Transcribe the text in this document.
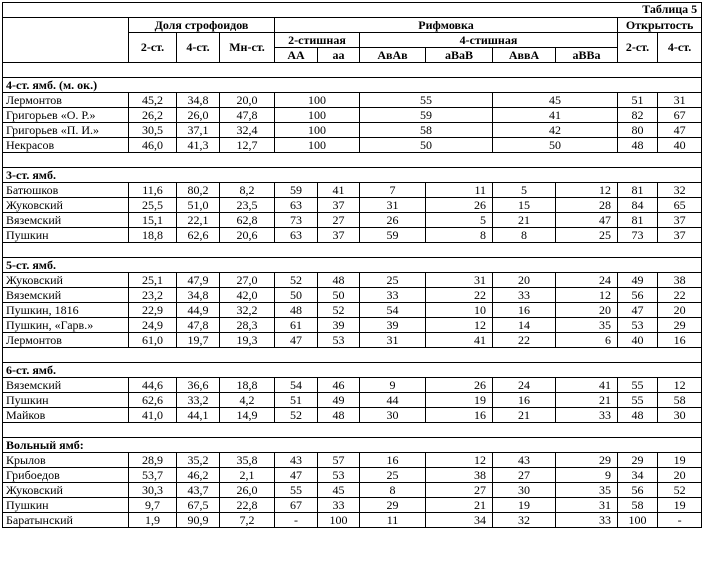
Таблица 5											
	Доля строфоидов			Рифмовка						Открытость	
	2-ст.	4-ст.	Мн-ст.	2-стишная		4-стишная				2-ст.	4-ст.
				АА	аа	АвАв	аВаВ	АввА	аВВа		

4-ст. ямб. (м. ок.)											
Лермонтов	45,2	34,8	20,0	100		55		45		51	31
Григорьев «О. Р.»	26,2	26,0	47,8	100		59		41		82	67
Григорьев «П. И.»	30,5	37,1	32,4	100		58		42		80	47
Некрасов	46,0	41,3	12,7	100		50		50		48	40

3-ст. ямб.											
Батюшков	11,6	80,2	8,2	59	41	7	11	5	12	81	32
Жуковский	25,5	51,0	23,5	63	37	31	26	15	28	84	65
Вяземский	15,1	22,1	62,8	73	27	26	5	21	47	81	37
Пушкин	18,8	62,6	20,6	63	37	59	8	8	25	73	37

5-ст. ямб.											
Жуковский	25,1	47,9	27,0	52	48	25	31	20	24	49	38
Вяземский	23,2	34,8	42,0	50	50	33	22	33	12	56	22
Пушкин, 1816	22,9	44,9	32,2	48	52	54	10	16	20	47	20
Пушкин, «Гарв.»	24,9	47,8	28,3	61	39	39	12	14	35	53	29
Лермонтов	61,0	19,7	19,3	47	53	31	41	22	6	40	16

6-ст. ямб.											
Вяземский	44,6	36,6	18,8	54	46	9	26	24	41	55	12
Пушкин	62,6	33,2	4,2	51	49	44	19	16	21	55	58
Майков	41,0	44,1	14,9	52	48	30	16	21	33	48	30

Вольный ямб:											
Крылов	28,9	35,2	35,8	43	57	16	12	43	29	29	19
Грибоедов	53,7	46,2	2,1	47	53	25	38	27	9	34	20
Жуковский	30,3	43,7	26,0	55	45	8	27	30	35	56	52
Пушкин	9,7	67,5	22,8	67	33	29	21	19	31	58	19
Баратынский	1,9	90,9	7,2	-	100	11	34	32	33	100	-
